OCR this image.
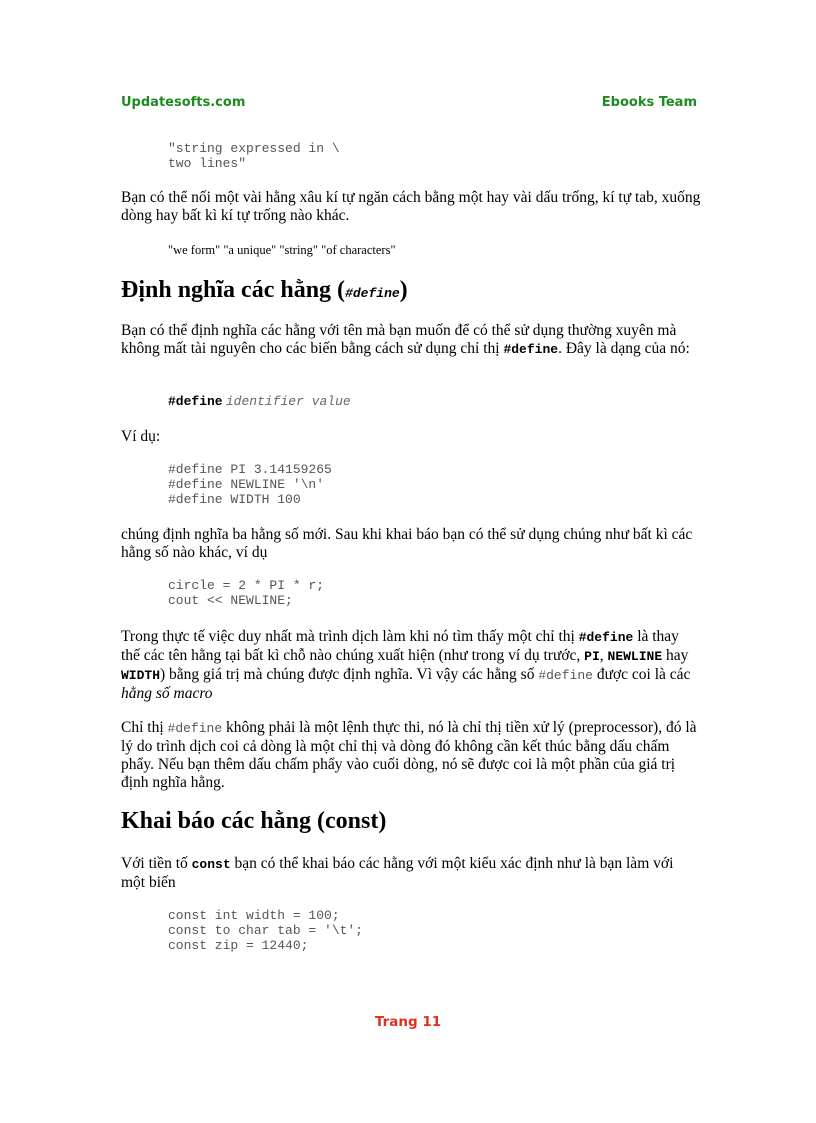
Updatesofts.com	Ebooks Team
"string expressed in \
two lines"
Bạn có thể nối một vài hằng xâu kí tự ngăn cách bằng một hay vài dấu trống, kí tự tab, xuống dòng hay bất kì kí tự trống nào khác.
"we form" "a unique" "string" "of characters"
Định nghĩa các hằng (#define)
Bạn có thể định nghĩa các hằng với tên mà bạn muốn để có thể sử dụng thường xuyên mà không mất tài nguyên cho các biến bằng cách sử dụng chỉ thị #define. Đây là dạng của nó:
#define identifier value
Ví dụ:
#define PI 3.14159265
#define NEWLINE '\n'
#define WIDTH 100
chúng định nghĩa ba hằng số mới. Sau khi khai báo bạn có thể sử dụng chúng như bất kì các hằng số nào khác, ví dụ
circle = 2 * PI * r;
cout << NEWLINE;
Trong thực tế việc duy nhất mà trình dịch làm khi nó tìm thấy một chỉ thị #define là thay thế các tên hằng tại bất kì chỗ nào chúng xuất hiện (như trong ví dụ trước, PI, NEWLINE hay WIDTH) bằng giá trị mà chúng được định nghĩa. Vì vậy các hằng số #define được coi là các hằng số macro
Chỉ thị #define không phải là một lệnh thực thi, nó là chỉ thị tiền xử lý (preprocessor), đó là lý do trình dịch coi cả dòng là một chỉ thị và dòng đó không cần kết thúc bằng dấu chấm phẩy. Nếu bạn thêm dấu chấm phẩy vào cuối dòng, nó sẽ được coi là một phần của giá trị định nghĩa hằng.
Khai báo các hằng (const)
Với tiền tố const bạn có thể khai báo các hằng với một kiểu xác định như là bạn làm với một biến
const int width = 100;
const to char tab = '\t';
const zip = 12440;
Trang 11
